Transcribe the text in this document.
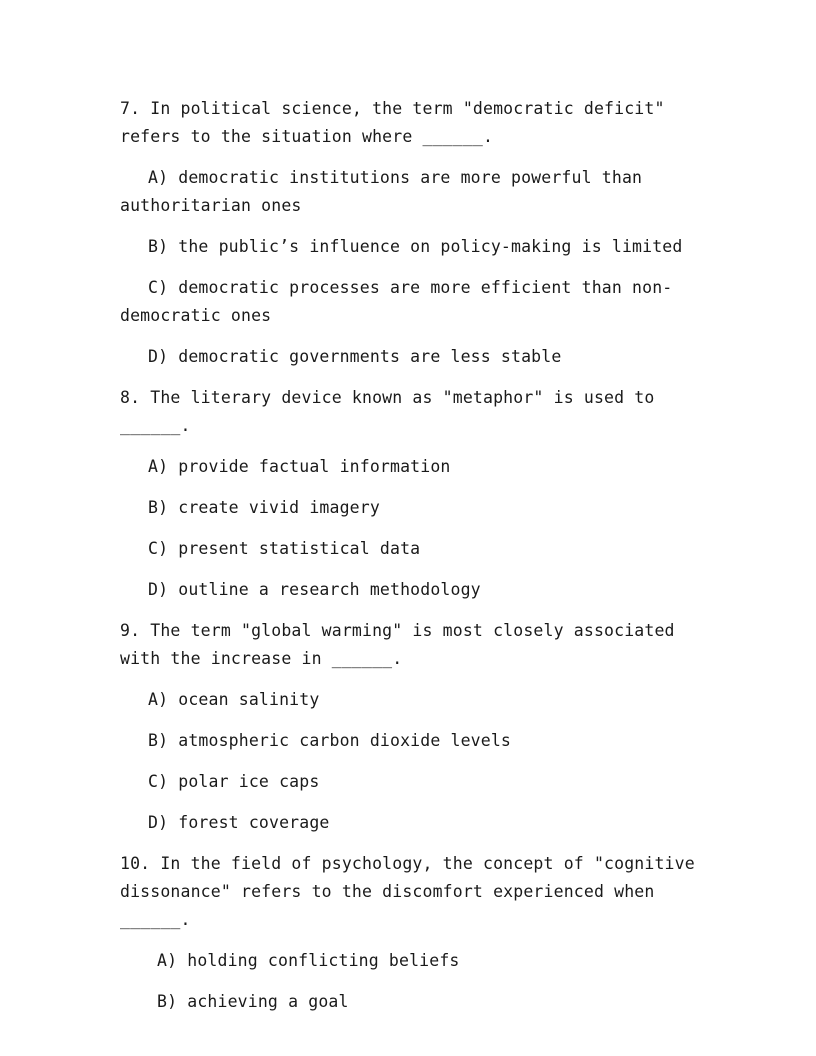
7. In political science, the term "democratic deficit" refers to the situation where ______.

A) democratic institutions are more powerful than authoritarian ones

B) the public’s influence on policy-making is limited

C) democratic processes are more efficient than non-democratic ones

D) democratic governments are less stable

8. The literary device known as "metaphor" is used to ______.

A) provide factual information

B) create vivid imagery

C) present statistical data

D) outline a research methodology

9. The term "global warming" is most closely associated with the increase in ______.

A) ocean salinity

B) atmospheric carbon dioxide levels

C) polar ice caps

D) forest coverage

10. In the field of psychology, the concept of "cognitive dissonance" refers to the discomfort experienced when ______.

A) holding conflicting beliefs

B) achieving a goal
